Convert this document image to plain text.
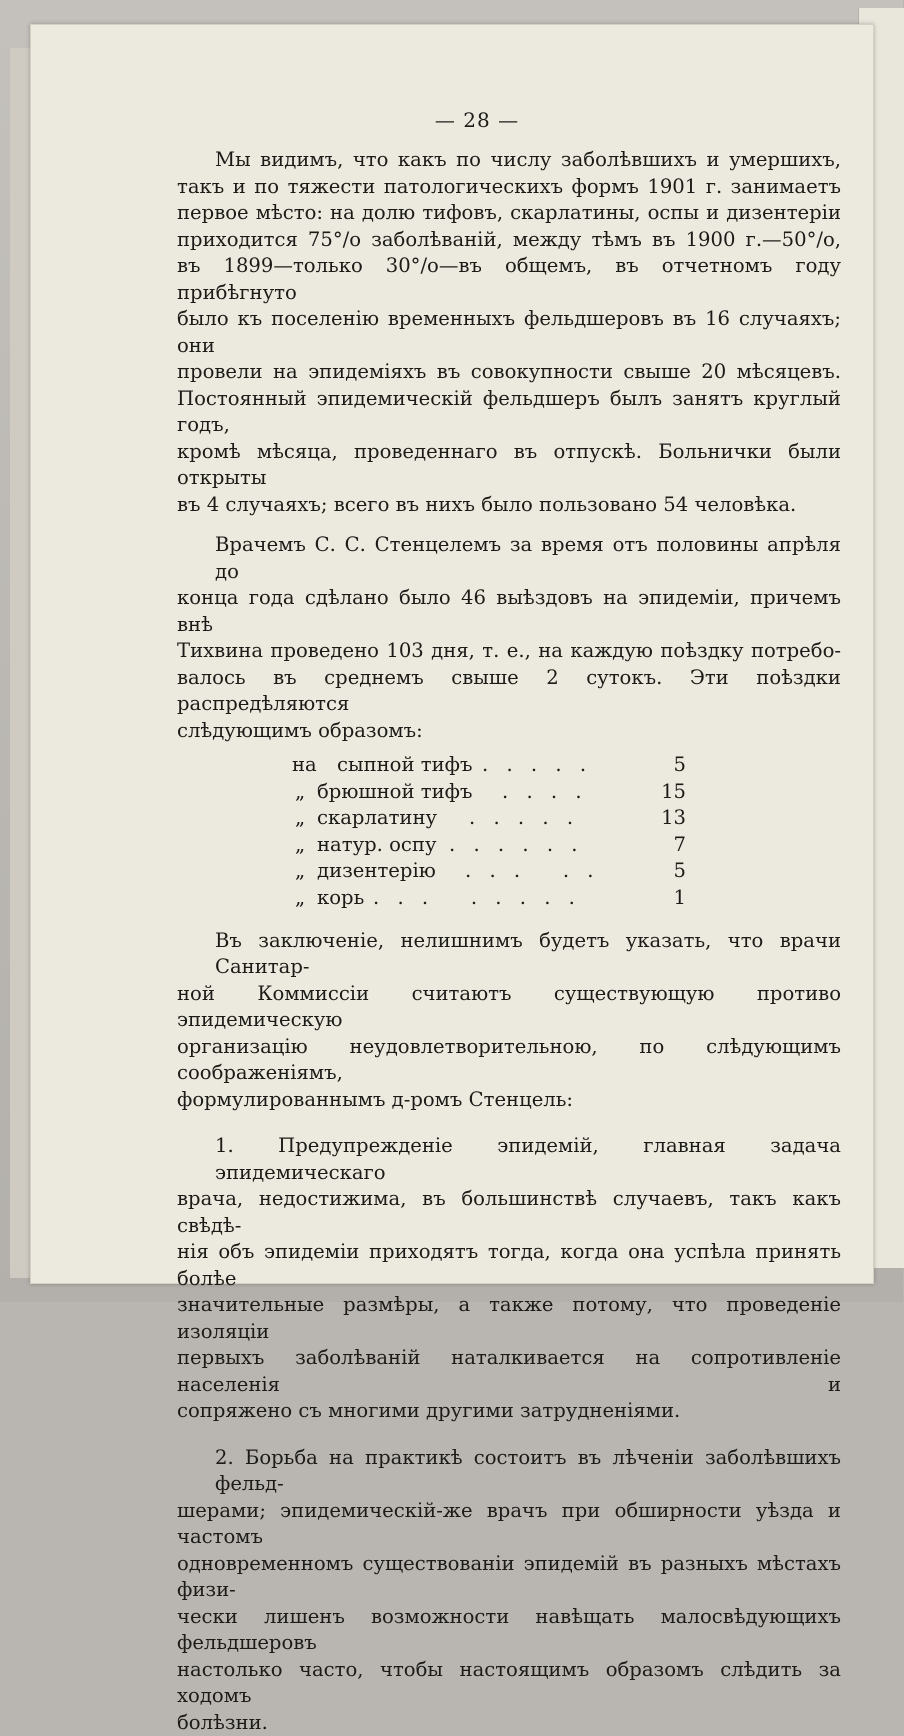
— 28 —

Мы видимъ, что какъ по числу заболѣвшихъ и умершихъ,
такъ и по тяжести патологическихъ формъ 1901 г. занимаетъ
первое мѣсто: на долю тифовъ, скарлатины, оспы и дизентеріи
приходится 75°/o заболѣваній, между тѣмъ въ 1900 г.—50°/o,
въ 1899—только 30°/o—въ общемъ, въ отчетномъ году прибѣгнуто
было къ поселенію временныхъ фельдшеровъ въ 16 случаяхъ; они
провели на эпидеміяхъ въ совокупности свыше 20 мѣсяцевъ.
Постоянный эпидемическій фельдшеръ былъ занятъ круглый годъ,
кромѣ мѣсяца, проведеннаго въ отпускѣ. Больнички были открыты
въ 4 случаяхъ; всего въ нихъ было пользовано 54 человѣка.

Врачемъ С. С. Стенцелемъ за время отъ половины апрѣля до
конца года сдѣлано было 46 выѣздовъ на эпидеміи, причемъ внѣ
Тихвина проведено 103 дня, т. е., на каждую поѣздку потребо-
валось въ среднемъ свыше 2 сутокъ. Эти поѣздки распредѣляются
слѣдующимъ образомъ:

на сыпной тифъ . . . . .	5
„ брюшной тифъ . . . .	15
„ скарлатину . . . . .	13
„ натур. оспу . . . . . .	7
„ дизентерію . . .   . .	5
„ корь . . .   . . . . .	1

Въ заключеніе, нелишнимъ будетъ указать, что врачи Санитар-
ной Коммиссіи считаютъ существующую противо эпидемическую
организацію неудовлетворительною, по слѣдующимъ соображеніямъ,
формулированнымъ д-ромъ Стенцель:

1. Предупрежденіе эпидемій, главная задача эпидемическаго
врача, недостижима, въ большинствѣ случаевъ, такъ какъ свѣдѣ-
нія объ эпидеміи приходятъ тогда, когда она успѣла принять болѣе
значительные размѣры, а также потому, что проведеніе изоляціи
первыхъ заболѣваній наталкивается на сопротивленіе населенія и
сопряжено съ многими другими затрудненіями.

2. Борьба на практикѣ состоитъ въ лѣченіи заболѣвшихъ фельд-
шерами; эпидемическій-же врачъ при обширности уѣзда и частомъ
одновременномъ существованіи эпидемій въ разныхъ мѣстахъ физи-
чески лишенъ возможности навѣщать малосвѣдующихъ фельдшеровъ
настолько часто, чтобы настоящимъ образомъ слѣдить за ходомъ
болѣзни.
